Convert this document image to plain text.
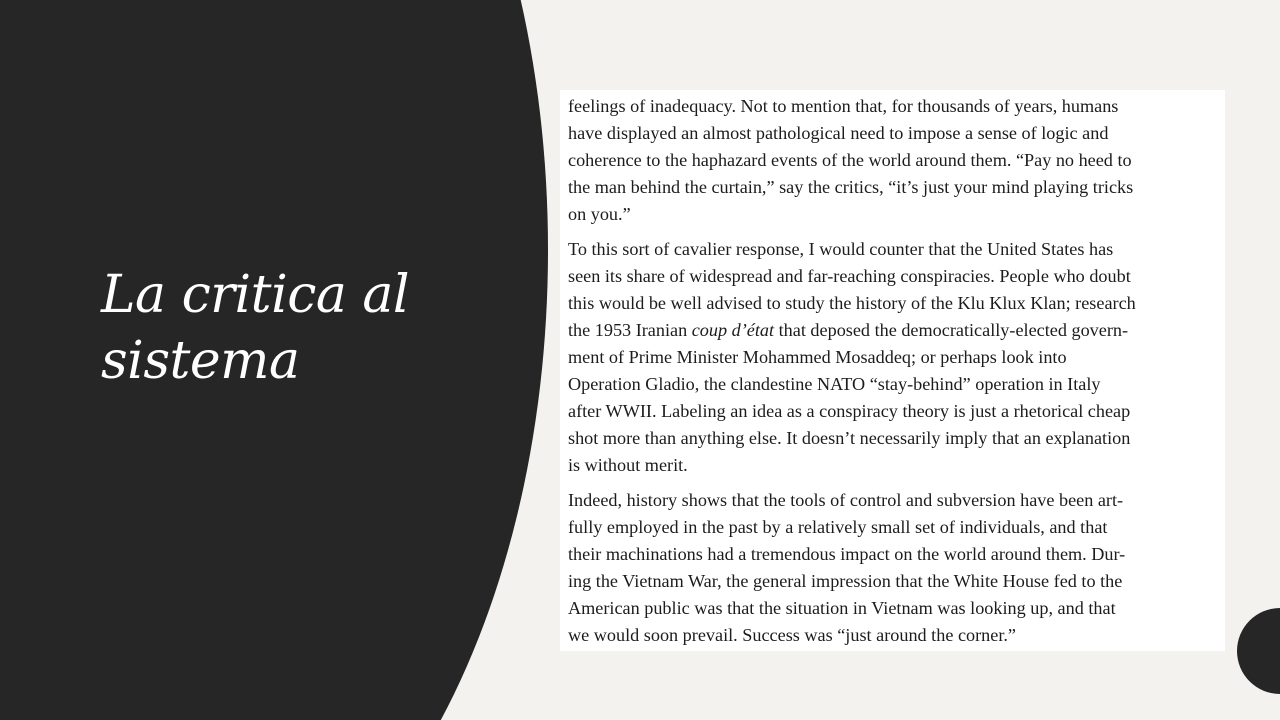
La critica al
sistema

feelings of inadequacy. Not to mention that, for thousands of years, humans
have displayed an almost pathological need to impose a sense of logic and
coherence to the haphazard events of the world around them. “Pay no heed to
the man behind the curtain,” say the critics, “it’s just your mind playing tricks
on you.”

To this sort of cavalier response, I would counter that the United States has
seen its share of widespread and far-reaching conspiracies. People who doubt
this would be well advised to study the history of the Klu Klux Klan; research
the 1953 Iranian coup d’état that deposed the democratically-elected govern-
ment of Prime Minister Mohammed Mosaddeq; or perhaps look into
Operation Gladio, the clandestine NATO “stay-behind” operation in Italy
after WWII. Labeling an idea as a conspiracy theory is just a rhetorical cheap
shot more than anything else. It doesn’t necessarily imply that an explanation
is without merit.

Indeed, history shows that the tools of control and subversion have been art-
fully employed in the past by a relatively small set of individuals, and that
their machinations had a tremendous impact on the world around them. Dur-
ing the Vietnam War, the general impression that the White House fed to the
American public was that the situation in Vietnam was looking up, and that
we would soon prevail. Success was “just around the corner.”
